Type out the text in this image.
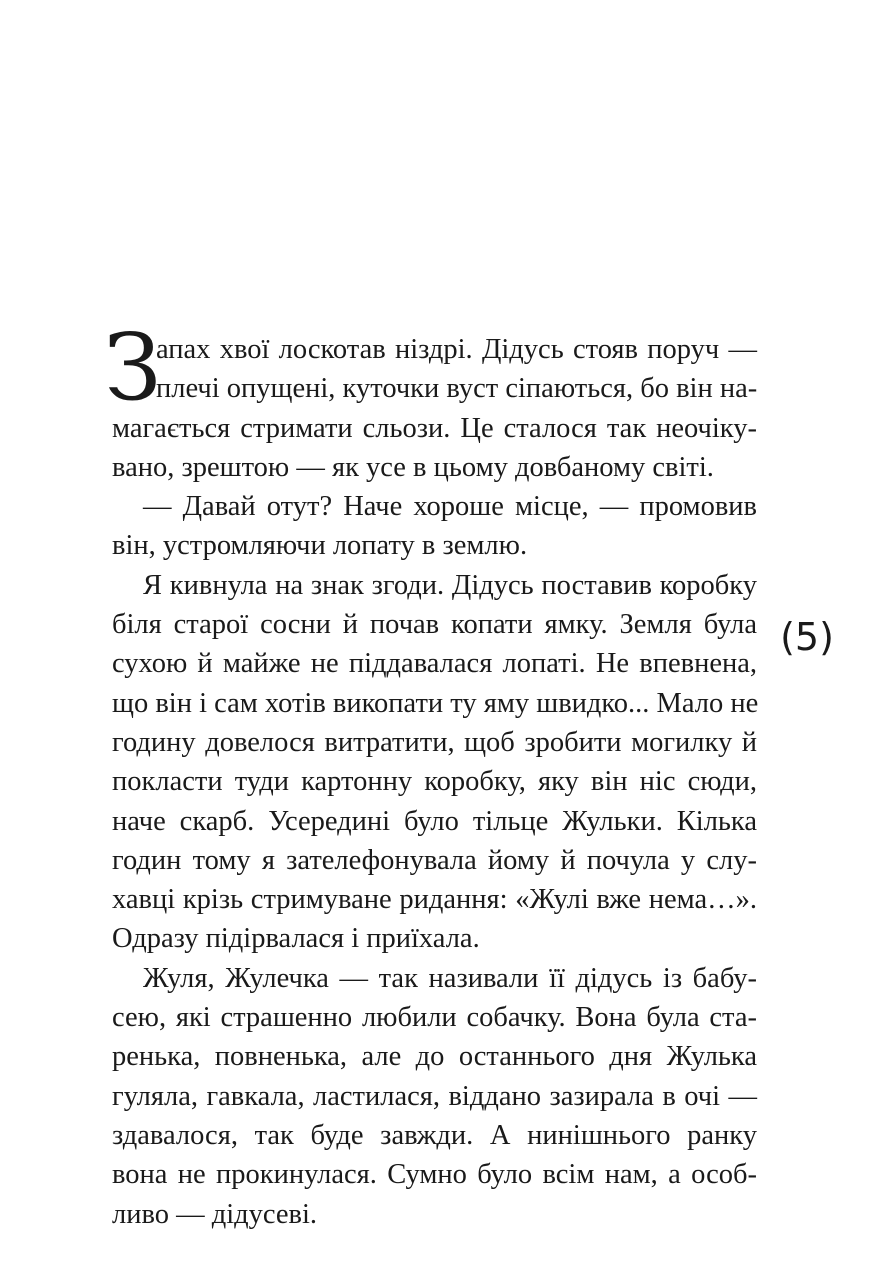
З

апах хвої лоскотав ніздрі. Дідусь стояв поруч —
плечі опущені, куточки вуст сіпаються, бо він на-
магається стримати сльози. Це сталося так неочіку-
вано, зрештою — як усе в цьому довбаному світі.

— Давай отут? Наче хороше місце, — промовив
він, устромляючи лопату в землю.

Я кивнула на знак згоди. Дідусь поставив коробку
біля старої сосни й почав копати ямку. Земля була
сухою й майже не піддавалася лопаті. Не впевнена,
що він і сам хотів викопати ту яму швидко... Мало не
годину довелося витратити, щоб зробити могилку й
покласти туди картонну коробку, яку він ніс сюди,
наче скарб. Усередині було тільце Жульки. Кілька
годин тому я зателефонувала йому й почула у слу-
хавці крізь стримуване ридання: «Жулі вже нема…».
Одразу підірвалася і приїхала.

Жуля, Жулечка — так називали її дідусь із бабу-
сею, які страшенно любили собачку. Вона була ста-
ренька, повненька, але до останнього дня Жулька
гуляла, гавкала, ластилася, віддано зазирала в очі —
здавалося, так буде завжди. А нинішнього ранку
вона не прокинулася. Сумно було всім нам, а особ-
ливо — дідусеві.

(5)
